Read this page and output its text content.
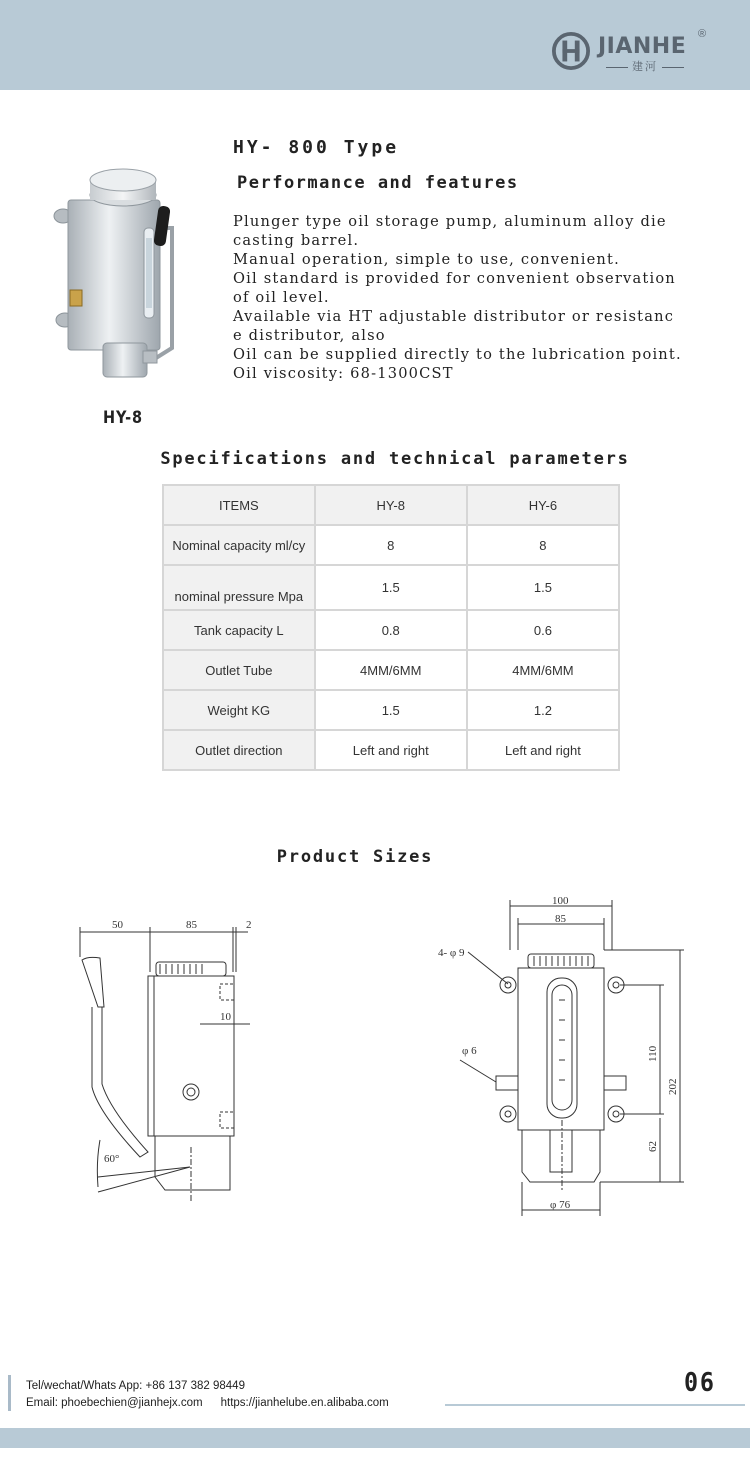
JIANHE ®
建河
HY-8
HY- 800 Type
Performance and features
Plunger type oil storage pump, aluminum alloy die
casting barrel.
Manual operation, simple to use, convenient.
Oil standard is provided for convenient observation
of oil level.
Available via HT adjustable distributor or resistanc
e distributor, also
Oil can be supplied directly to the lubrication point.
Oil viscosity: 68-1300CST
Specifications and technical parameters
ITEMS	HY-8	HY-6
Nominal capacity ml/cy	8	8
nominal pressure Mpa	1.5	1.5
Tank capacity L	0.8	0.6
Outlet Tube	4MM/6MM	4MM/6MM
Weight KG	1.5	1.2
Outlet direction	Left and right	Left and right
Product Sizes
50	85	2
10
60°
100
85
4- φ 9
φ 6	110
202
62
φ 76
Tel/wechat/Whats App: +86 137 382 98449
Email: phoebechien@jianhejx.com https://jianhelube.en.alibaba.com
06
